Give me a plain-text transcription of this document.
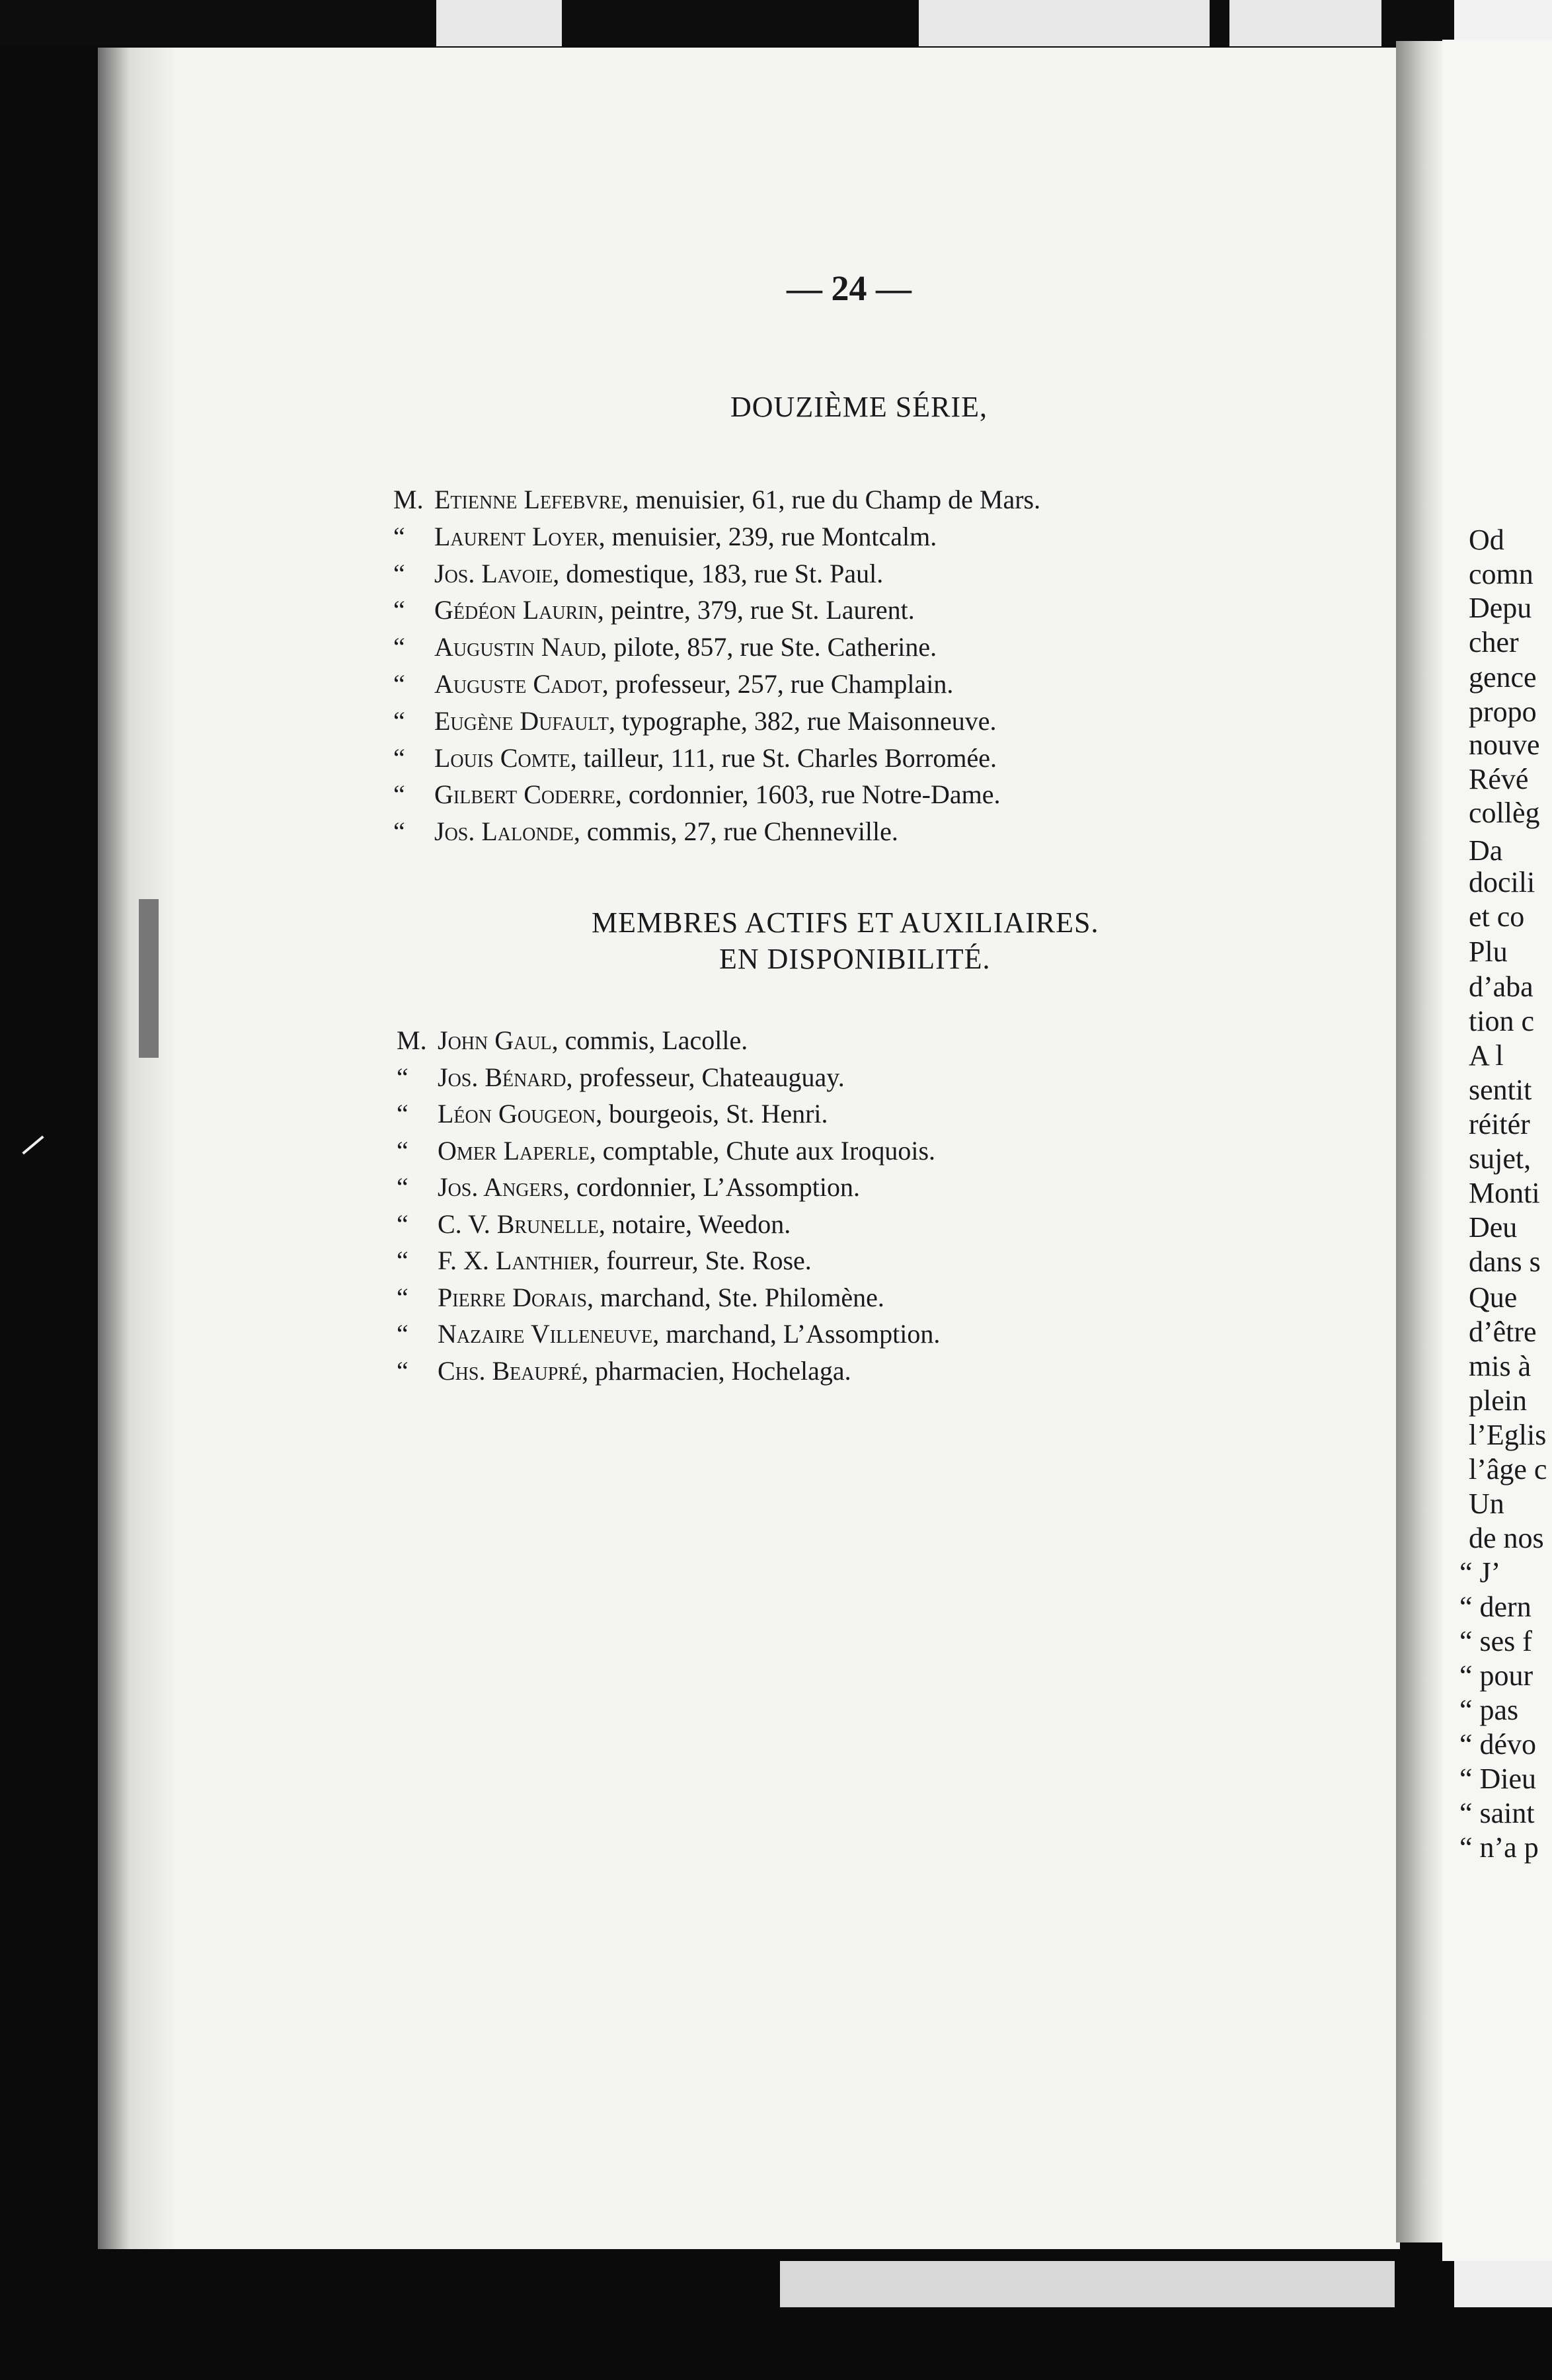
Od
comn
Depu
cher
gence
propo
nouve
Révé
collèg
Da
docili
et co
Plu
d’aba
tion c
A l
sentit
réitér
sujet,
Monti
Deu
dans s
Que
d’être
mis à
plein
l’Eglis
l’âge c
Un
de nos
“ J’
“ dern
“ ses f
“ pour
“ pas
“ dévo
“ Dieu
“ saint
“ n’a p
— 24 —
DOUZIÈME SÉRIE,
M. Etienne Lefebvre, menuisier, 61, rue du Champ de Mars.
“ Laurent Loyer, menuisier, 239, rue Montcalm.
“ Jos. Lavoie, domestique, 183, rue St. Paul.
“ Gédéon Laurin, peintre, 379, rue St. Laurent.
“ Augustin Naud, pilote, 857, rue Ste. Catherine.
“ Auguste Cadot, professeur, 257, rue Champlain.
“ Eugène Dufault, typographe, 382, rue Maisonneuve.
“ Louis Comte, tailleur, 111, rue St. Charles Borromée.
“ Gilbert Coderre, cordonnier, 1603, rue Notre-Dame.
“ Jos. Lalonde, commis, 27, rue Chenneville.
MEMBRES ACTIFS ET AUXILIAIRES.
EN DISPONIBILITÉ.
M. John Gaul, commis, Lacolle.
“ Jos. Bénard, professeur, Chateauguay.
“ Léon Gougeon, bourgeois, St. Henri.
“ Omer Laperle, comptable, Chute aux Iroquois.
“ Jos. Angers, cordonnier, L’Assomption.
“ C. V. Brunelle, notaire, Weedon.
“ F. X. Lanthier, fourreur, Ste. Rose.
“ Pierre Dorais, marchand, Ste. Philomène.
“ Nazaire Villeneuve, marchand, L’Assomption.
“ Chs. Beaupré, pharmacien, Hochelaga.
